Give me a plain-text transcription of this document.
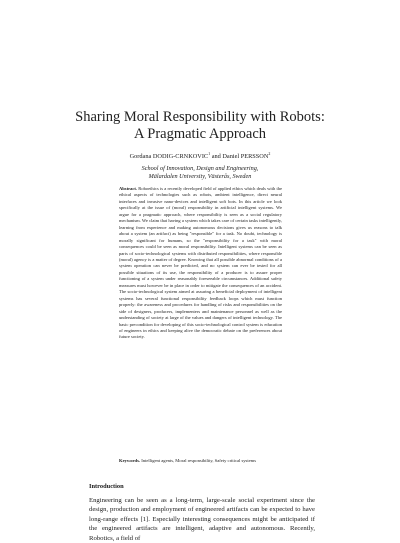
Sharing Moral Responsibility with Robots:
A Pragmatic Approach
Gordana DODIG-CRNKOVIC$^1$ and Daniel PERSSON$^2$
School of Innovation, Design and Engineering,
Mälardalen University, Västerås, Sweden
Abstract. Roboethics is a recently developed field of applied ethics which deals with the ethical aspects of technologies such as robots, ambient intelligence, direct neural interfaces and invasive nano-devices and intelligent soft bots. In this article we look specifically at the issue of (moral) responsibility in artificial intelligent systems. We argue for a pragmatic approach, where responsibility is seen as a social regulatory mechanism. We claim that having a system which takes care of certain tasks intelligently, learning from experience and making autonomous decisions gives us reasons to talk about a system (an artifact) as being "responsible" for a task. No doubt, technology is morally significant for humans, so the "responsibility for a task" with moral consequences could be seen as moral responsibility. Intelligent systems can be seen as parts of socio-technological systems with distributed responsibilities, where responsible (moral) agency is a matter of degree. Knowing that all possible abnormal conditions of a system operation can never be predicted, and no system can ever be tested for all possible situations of its use, the responsibility of a producer is to assure proper functioning of a system under reasonably foreseeable circumstances. Additional safety measures must however be in place in order to mitigate the consequences of an accident. The socio-technological system aimed at assuring a beneficial deployment of intelligent systems has several functional responsibility feedback loops which must function properly: the awareness and procedures for handling of risks and responsibilities on the side of designers, producers, implementers and maintenance personnel as well as the understanding of society at large of the values and dangers of intelligent technology. The basic precondition for developing of this socio-technological control system is education of engineers in ethics and keeping alive the democratic debate on the preferences about future society.
Keywords. Intelligent agents, Moral responsibility, Safety critical systems
Introduction
Engineering can be seen as a long-term, large-scale social experiment since the design, production and employment of engineered artifacts can be expected to have long-range effects [1]. Especially interesting consequences might be anticipated if the engineered artifacts are intelligent, adaptive and autonomous. Recently, Robotics, a field of
